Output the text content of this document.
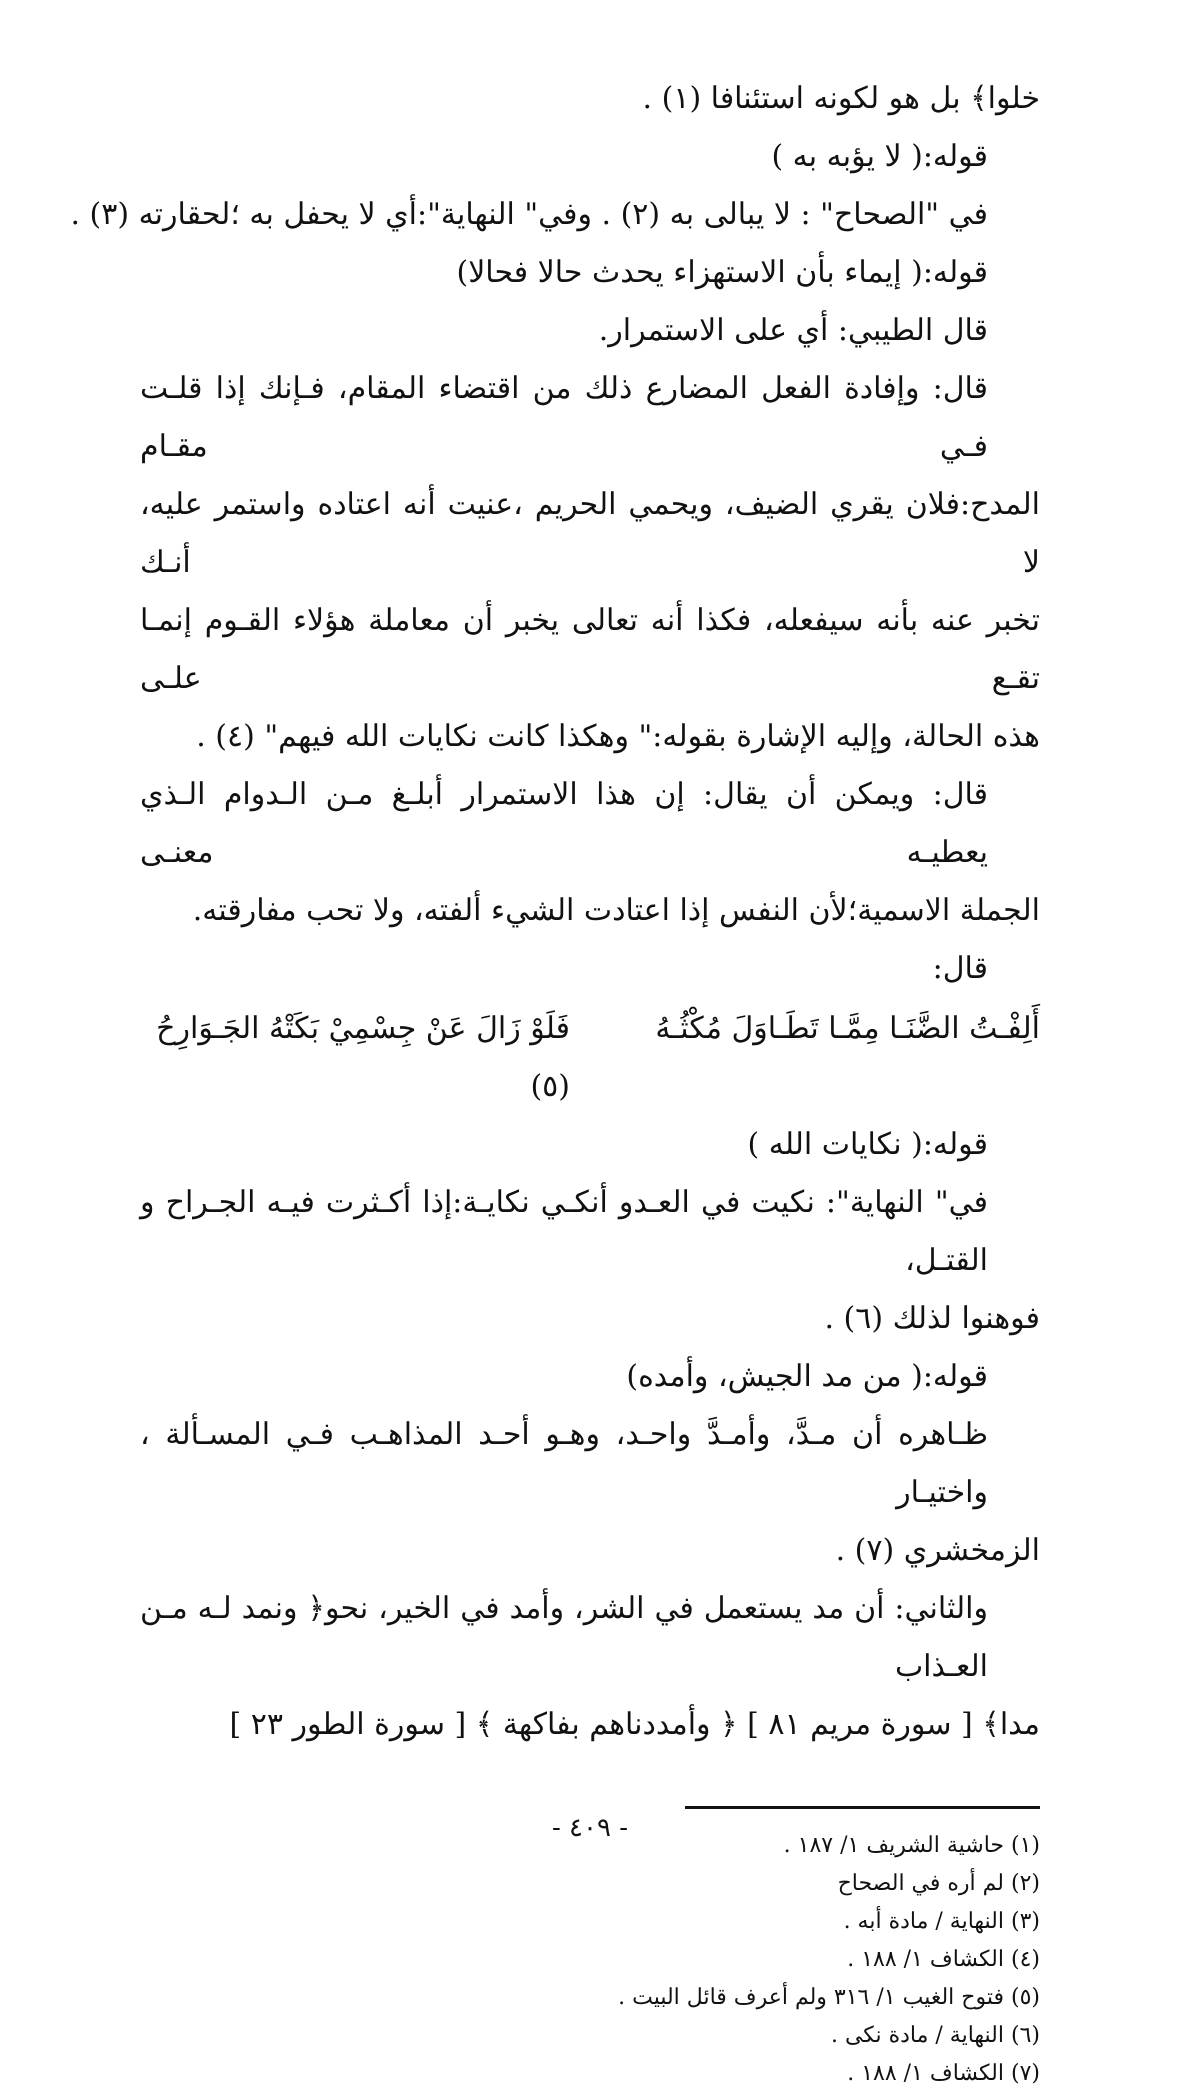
خلوا﴾ بل هو لكونه استئنافا (١) .
قوله:( لا يؤبه به )
في "الصحاح" : لا يبالى به (٢) . وفي" النهاية":أي لا يحفل به ؛لحقارته (٣) .
قوله:( إيماء بأن الاستهزاء يحدث حالا فحالا)
قال الطيبي: أي على الاستمرار.
قال: وإفادة الفعل المضارع ذلك من اقتضاء المقام، فـإنك إذا قلـت فـي مقـام
المدح:فلان يقري الضيف، ويحمي الحريم ،عنيت أنه اعتاده واستمر عليه، لا أنـك
تخبر عنه بأنه سيفعله، فكذا أنه تعالى يخبر أن معاملة هؤلاء القـوم إنمـا تقـع علـى
هذه الحالة، وإليه الإشارة بقوله:" وهكذا كانت نكايات الله فيهم" (٤) .
قال: ويمكن أن يقال: إن هذا الاستمرار أبلـغ مـن الـدوام الـذي يعطيـه معنـى
الجملة الاسمية؛لأن النفس إذا اعتادت الشيء ألفته، ولا تحب مفارقته.
قال:
أَلِفْـتُ الضَّنَـا مِمَّـا تَطَـاوَلَ مُكْثُـهُ
فَلَوْ زَالَ عَنْ جِسْمِيْ بَكَتْهُ الجَـوَارِحُ (٥)
قوله:( نكايات الله )
في" النهاية": نكيت في العـدو أنكـي نكايـة:إذا أكـثرت فيـه الجـراح و القتـل،
فوهنوا لذلك (٦) .
قوله:( من مد الجيش، وأمده)
ظـاهره أن مـدَّ، وأمـدَّ واحـد، وهـو أحـد المذاهـب فـي المسـألة ، واختيـار
الزمخشري (٧) .
والثاني: أن مد يستعمل في الشر، وأمد في الخير، نحو﴿ ونمد لـه مـن العـذاب
مدا﴾ [ سورة مريم ٨١ ] ﴿ وأمددناهم بفاكهة ﴾ [ سورة الطور ٢٣ ]
(١) حاشية الشريف ١/ ١٨٧ .
(٢) لم أره في الصحاح
(٣) النهاية / مادة أبه .
(٤) الكشاف ١/ ١٨٨ .
(٥) فتوح الغيب ١/ ٣١٦ ولم أعرف قائل البيت .
(٦) النهاية / مادة نكى .
(٧) الكشاف ١/ ١٨٨ .
- ٤٠٩ -
